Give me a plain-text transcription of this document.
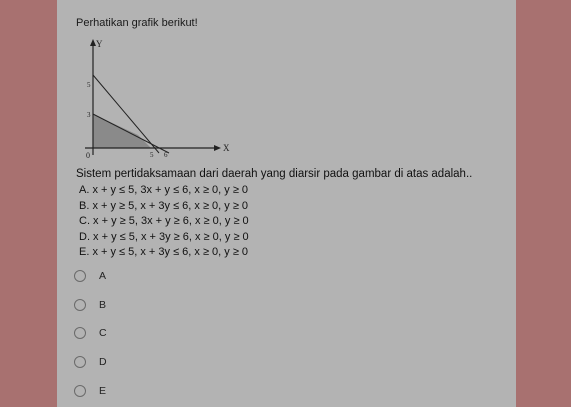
Perhatikan grafik berikut!
Y
X
0
5
3
5 6
Sistem pertidaksamaan dari daerah yang diarsir pada gambar di atas adalah..
A. x + y ≤ 5, 3x + y ≤ 6, x ≥ 0, y ≥ 0
B. x + y ≥ 5, x + 3y ≤ 6, x ≥ 0, y ≥ 0
C. x + y ≥ 5, 3x + y ≥ 6, x ≥ 0, y ≥ 0
D. x + y ≤ 5, x + 3y ≥ 6, x ≥ 0, y ≥ 0
E. x + y ≤ 5, x + 3y ≤ 6, x ≥ 0, y ≥ 0
A
B
C
D
E
